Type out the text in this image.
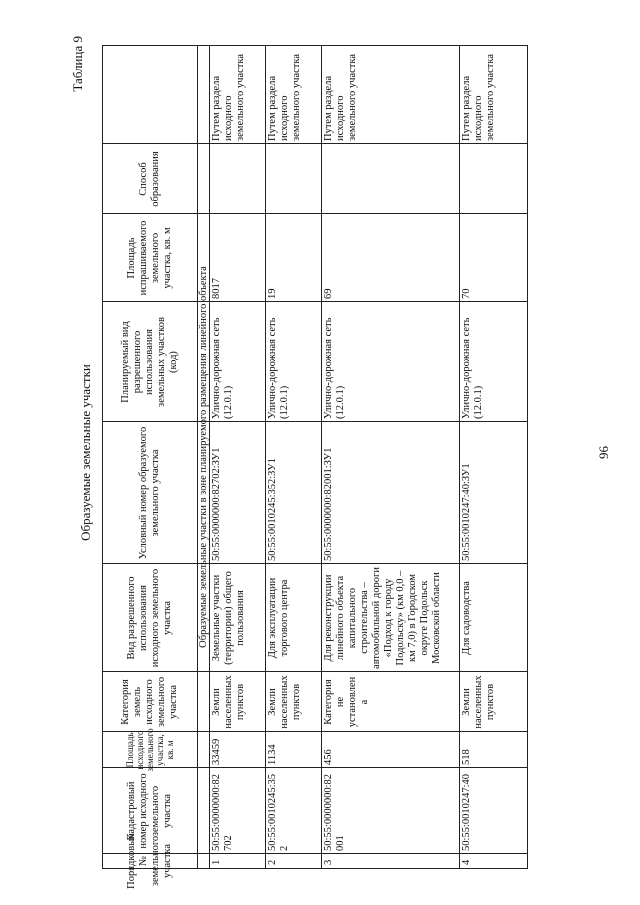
96
Таблица 9
Образуемые земельные участки
Порядковый № земельного участка
Кадастровый номер исходного земельного участка
Площадь исходного земельного участка, кв. м
Категория земель исходного земельного участка
Вид разрешенного использования исходного земельного участка
Условный номер образуемого земельного участка
Планируемый вид разрешенного использования земельных участков (код)
Площадь испрашиваемого земельного участка, кв. м
Способ образования
Образуемые земельные участки в зоне планируемого размещения линейного объекта
1
50:55:0000000:82702
33459
Земли населенных пунктов
Земельные участки (территории) общего пользования
50:55:0000000:82702:ЗУ1
Улично-дорожная сеть (12.0.1)
8017
Путем раздела исходного земельного участка
2
50:55:0010245:352
1134
Земли населенных пунктов
Для эксплуатации торгового центра
50:55:0010245:352:ЗУ1
Улично-дорожная сеть (12.0.1)
19
Путем раздела исходного земельного участка
3
50:55:0000000:82001
456
Категория не установлена
Для реконструкции линейного объекта капитального строительства – автомобильной дороги «Подход к городу Подольску» (км 0,0 – км 7,0) в Городском округе Подольск Московской области
50:55:0000000:82001:ЗУ1
Улично-дорожная сеть (12.0.1)
69
Путем раздела исходного земельного участка
4
50:55:0010247:40
518
Земли населенных пунктов
Для садоводства
50:55:0010247:40:ЗУ1
Улично-дорожная сеть (12.0.1)
70
Путем раздела исходного земельного участка
